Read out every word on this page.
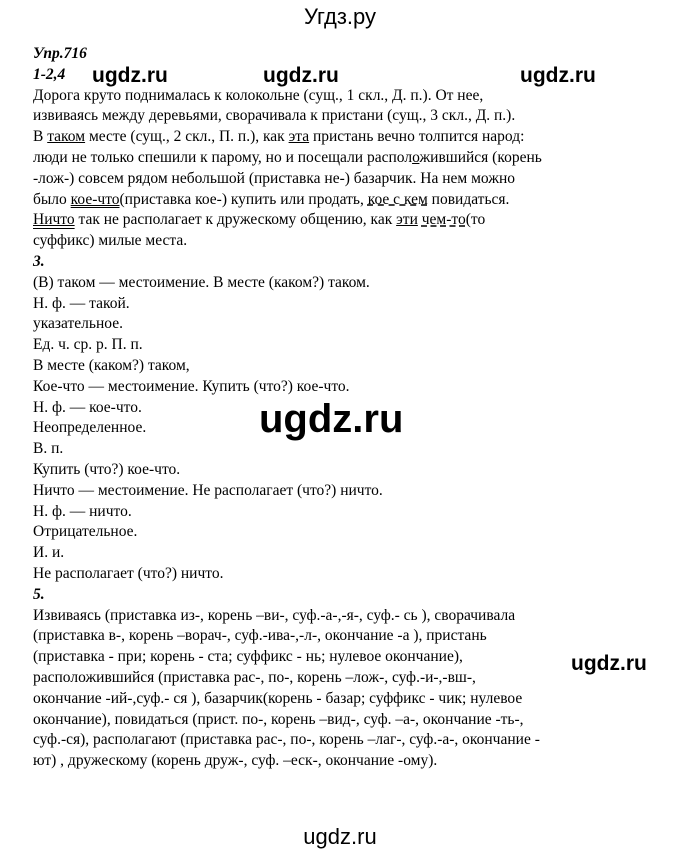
Угдз.ру
ugdz.ru	ugdz.ru	ugdz.ru
ugdz.ru
ugdz.ru
Упр.716
1-2,4
Дорога круто поднималась к колокольне (сущ., 1 скл., Д. п.). От нее,
извиваясь между деревьями, сворачивала к пристани (сущ., 3 скл., Д. п.).
В таком месте (сущ., 2 скл., П. п.), как эта пристань вечно толпится народ:
люди не только спешили к парому, но и посещали расположившийся (корень
-лож-) совсем рядом небольшой (приставка не-) базарчик. На нем можно
было кое-что(приставка кое-) купить или продать, кое с кем повидаться.
Ничто так не располагает к дружескому общению, как эти чем-то(то
суффикс) милые места.
3.
(В) таком — местоимение. В месте (каком?) таком.
Н. ф. — такой.
указательное.
Ед. ч. ср. р. П. п.
В месте (каком?) таком,
Кое-что — местоимение. Купить (что?) кое-что.
Н. ф. — кое-что.
Неопределенное.
В. п.
Купить (что?) кое-что.
Ничто — местоимение. Не располагает (что?) ничто.
Н. ф. — ничто.
Отрицательное.
И. и.
Не располагает (что?) ничто.
5.
Извиваясь (приставка из-, корень –ви-, суф.-а-,-я-, суф.- сь ), сворачивала
(приставка в-, корень –ворач-, суф.-ива-,-л-, окончание -а ), пристань
(приставка - при; корень - ста; суффикс - нь; нулевое окончание),
расположившийся (приставка рас-, по-, корень –лож-, суф.-и-,-вш-,
окончание -ий-,суф.- ся ), базарчик(корень - базар; суффикс - чик; нулевое
окончание), повидаться (прист. по-, корень –вид-, суф. –а-, окончание -ть-,
суф.-ся), располагают (приставка рас-, по-, корень –лаг-, суф.-а-, окончание -
ют) , дружескому (корень друж-, суф. –еск-, окончание -ому).
ugdz.ru
